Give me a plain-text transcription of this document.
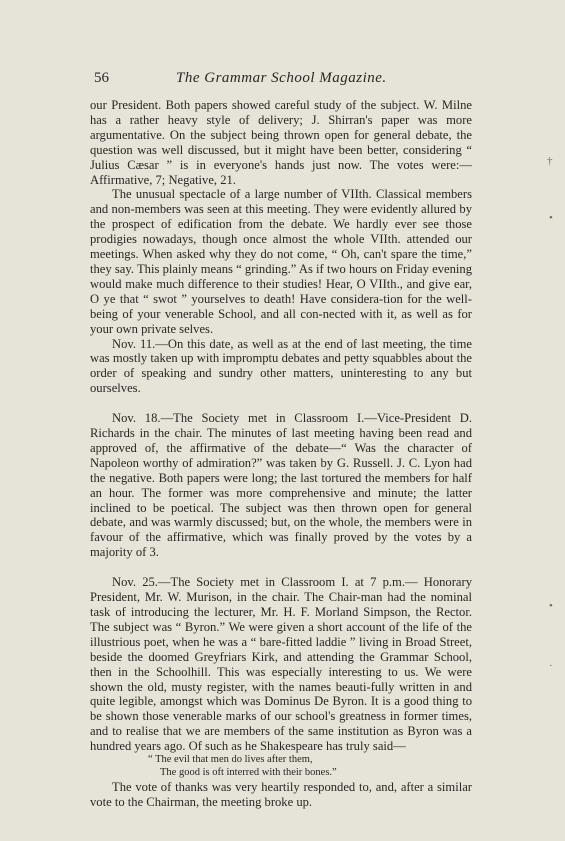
56	The Grammar School Magazine.

our President. Both papers showed careful study of the subject. W. Milne has a rather heavy style of delivery; J. Shirran's paper was more argumentative. On the subject being thrown open for general debate, the question was well discussed, but it might have been better, considering “ Julius Cæsar ” is in everyone's hands just now. The votes were:—Affirmative, 7; Negative, 21.

The unusual spectacle of a large number of VIIth. Classical members and non-members was seen at this meeting. They were evidently allured by the prospect of edification from the debate. We hardly ever see those prodigies nowadays, though once almost the whole VIIth. attended our meetings. When asked why they do not come, “ Oh, can't spare the time,” they say. This plainly means “ grinding.” As if two hours on Friday evening would make much difference to their studies! Hear, O VIIth., and give ear, O ye that “ swot ” yourselves to death! Have considera-tion for the well-being of your venerable School, and all con-nected with it, as well as for your own private selves.

Nov. 11.—On this date, as well as at the end of last meeting, the time was mostly taken up with impromptu debates and petty squabbles about the order of speaking and sundry other matters, uninteresting to any but ourselves.

Nov. 18.—The Society met in Classroom I.—Vice-President D. Richards in the chair. The minutes of last meeting having been read and approved of, the affirmative of the debate—“ Was the character of Napoleon worthy of admiration?” was taken by G. Russell. J. C. Lyon had the negative. Both papers were long; the last tortured the members for half an hour. The former was more comprehensive and minute; the latter inclined to be poetical. The subject was then thrown open for general debate, and was warmly discussed; but, on the whole, the members were in favour of the affirmative, which was finally proved by the votes by a majority of 3.

Nov. 25.—The Society met in Classroom I. at 7 p.m.— Honorary President, Mr. W. Murison, in the chair. The Chair-man had the nominal task of introducing the lecturer, Mr. H. F. Morland Simpson, the Rector. The subject was “ Byron.” We were given a short account of the life of the illustrious poet, when he was a “ bare-fitted laddie ” living in Broad Street, beside the doomed Greyfriars Kirk, and attending the Grammar School, then in the Schoolhill. This was especially interesting to us. We were shown the old, musty register, with the names beauti-fully written in and quite legible, amongst which was Dominus De Byron. It is a good thing to be shown those venerable marks of our school's greatness in former times, and to realise that we are members of the same institution as Byron was a hundred years ago. Of such as he Shakespeare has truly said—

“ The evil that men do lives after them,
The good is oft interred with their bones.”

The vote of thanks was very heartily responded to, and, after a similar vote to the Chairman, the meeting broke up.

†
•
•
·
